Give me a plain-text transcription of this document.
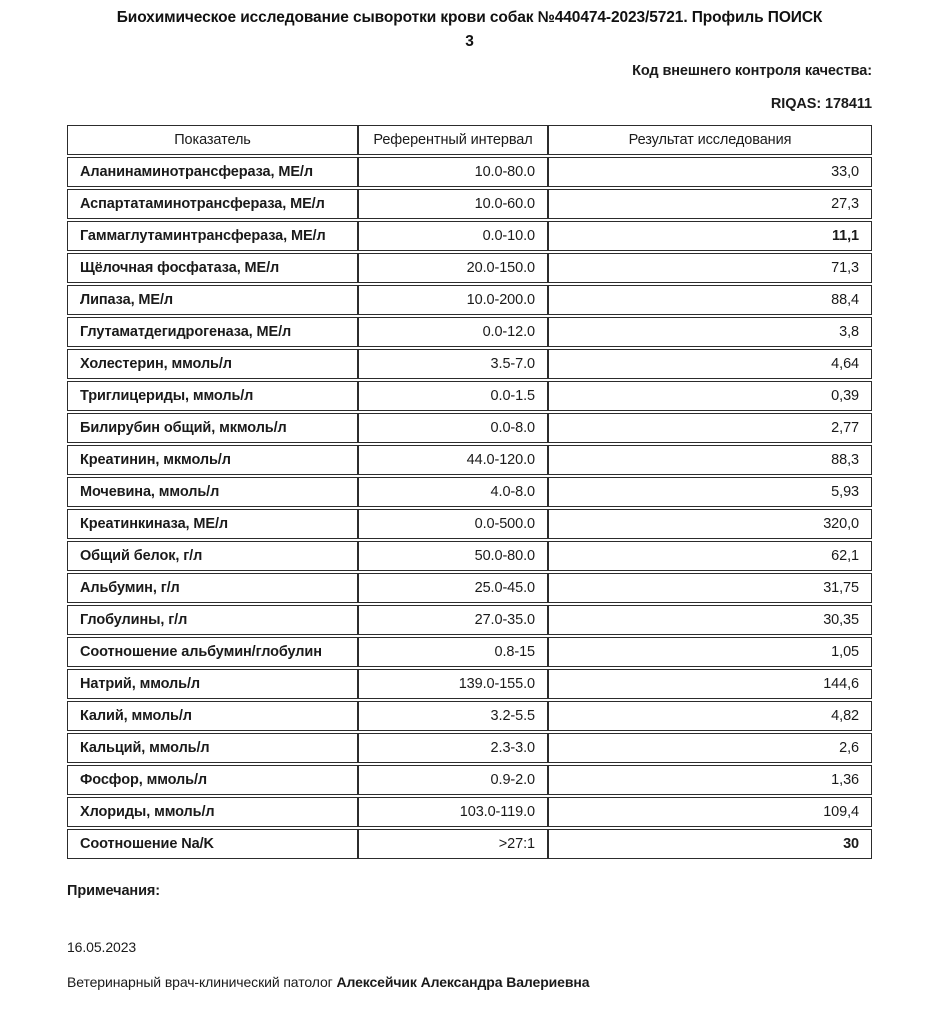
Биохимическое исследование сыворотки крови собак №440474-2023/5721. Профиль ПОИСК
3
Код внешнего контроля качества:
RIQAS: 178411
Показатель	Референтный интервал	Результат исследования
Аланинаминотрансфераза, МЕ/л	10.0-80.0	33,0
Аспартатаминотрансфераза, МЕ/л	10.0-60.0	27,3
Гаммаглутаминтрансфераза, МЕ/л	0.0-10.0	11,1
Щёлочная фосфатаза, МЕ/л	20.0-150.0	71,3
Липаза, МЕ/л	10.0-200.0	88,4
Глутаматдегидрогеназа, МЕ/л	0.0-12.0	3,8
Холестерин, ммоль/л	3.5-7.0	4,64
Триглицериды, ммоль/л	0.0-1.5	0,39
Билирубин общий, мкмоль/л	0.0-8.0	2,77
Креатинин, мкмоль/л	44.0-120.0	88,3
Мочевина, ммоль/л	4.0-8.0	5,93
Креатинкиназа, МЕ/л	0.0-500.0	320,0
Общий белок, г/л	50.0-80.0	62,1
Альбумин, г/л	25.0-45.0	31,75
Глобулины, г/л	27.0-35.0	30,35
Соотношение альбумин/глобулин	0.8-15	1,05
Натрий, ммоль/л	139.0-155.0	144,6
Калий, ммоль/л	3.2-5.5	4,82
Кальций, ммоль/л	2.3-3.0	2,6
Фосфор, ммоль/л	0.9-2.0	1,36
Хлориды, ммоль/л	103.0-119.0	109,4
Соотношение Na/K	>27:1	30
Примечания:
16.05.2023
Ветеринарный врач-клинический патолог Алексейчик Александра Валериевна
